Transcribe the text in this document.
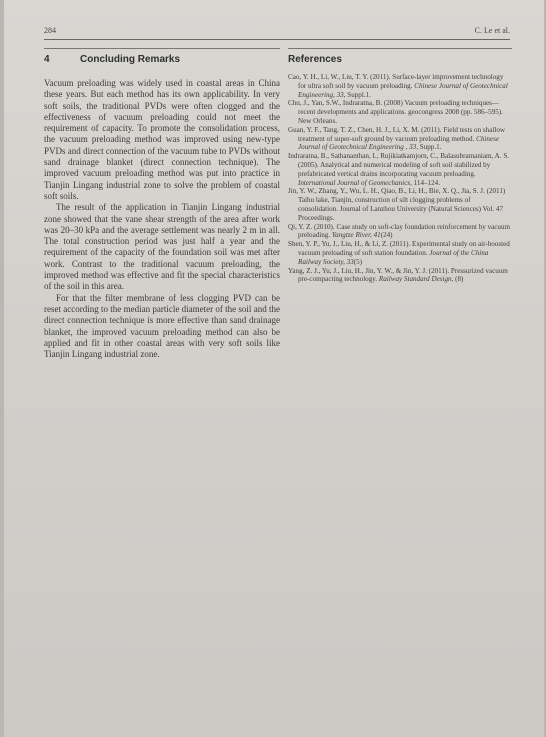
284	C. Le et al.
4	Concluding Remarks

Vacuum preloading was widely used in coastal areas in China these years. But each method has its own applicability. In very soft soils, the traditional PVDs were often clogged and the effectiveness of vacuum preloading could not meet the requirement of capacity. To promote the consolidation process, the vacuum preloading method was improved using new-type PVDs and direct connection of the vacuum tube to PVDs without sand drainage blanket (direct connection technique). The improved vacuum preloading method was put into practice in Tianjin Lingang industrial zone to solve the problem of coastal soft soils.

The result of the application in Tianjin Lingang industrial zone showed that the vane shear strength of the area after work was 20–30 kPa and the average settlement was nearly 2 m in all. The total construction period was just half a year and the requirement of the capacity of the foundation soil was met after work. Contrast to the traditional vacuum preloading, the improved method was effective and fit the special characteristics of the soil in this area.

For that the filter membrane of less clogging PVD can be reset according to the median particle diameter of the soil and the direct connection technique is more effective than sand drainage blanket, the improved vacuum preloading method can also be applied and fit in other coastal areas with very soft soils like Tianjin Lingang industrial zone.

References

Cao, Y. H., Li, W., Liu, T. Y. (2011). Surface-layer improvement technology for ultra soft soil by vacuum preloading. Chinese Journal of Geotechnical Engineering, 33, Suppl.1.

Chu, J., Yan, S.W., Indraratna, B. (2008) Vacuum preloading techniques—recent developments and applications. geocongress 2008 (pp. 586–595). New Orleans.

Guan, Y. F., Tang, T. Z., Chen, H. J., Li, X. M. (2011). Field tests on shallow treatment of super-soft ground by vacuum preloading method. Chinese Journal of Geotechnical Engineering , 33, Supp.1.

Indraratna, B., Sathananthan, I., Rujikiatkamjorn, C., Balasubramaniam, A. S. (2005). Analytical and numerical modeling of soft soil stabilized by prefabricated vertical drains incorporating vacuum preloading. International Journal of Geomechanics, 114–124.

Jin, Y. W., Zhang, Y., Wu, L. H., Qiao, B., Li, H., Bie, X. Q., Jia, S. J. (2011) Taihu lake, Tianjin, construction of silt clogging problems of consolidation. Journal of Lanzhou University (Natural Sciences) Vol. 47 Proceedings.

Qi, Y. Z. (2010). Case study on soft-clay foundation reinforcement by vacuum preloading. Yangtze River, 41(24)

Shen, Y. P., Yu, J., Liu, H., & Li, Z. (2011). Experimental study on air-boosted vacuum preloading of soft station foundation. Journal of the China Railway Society, 33(5)

Yang, Z. J., Yu, J., Liu, H., Jin, Y. W., & Jin, Y. J. (2011). Pressurized vacuum pre-compacting technology. Railway Standard Design, (8)
